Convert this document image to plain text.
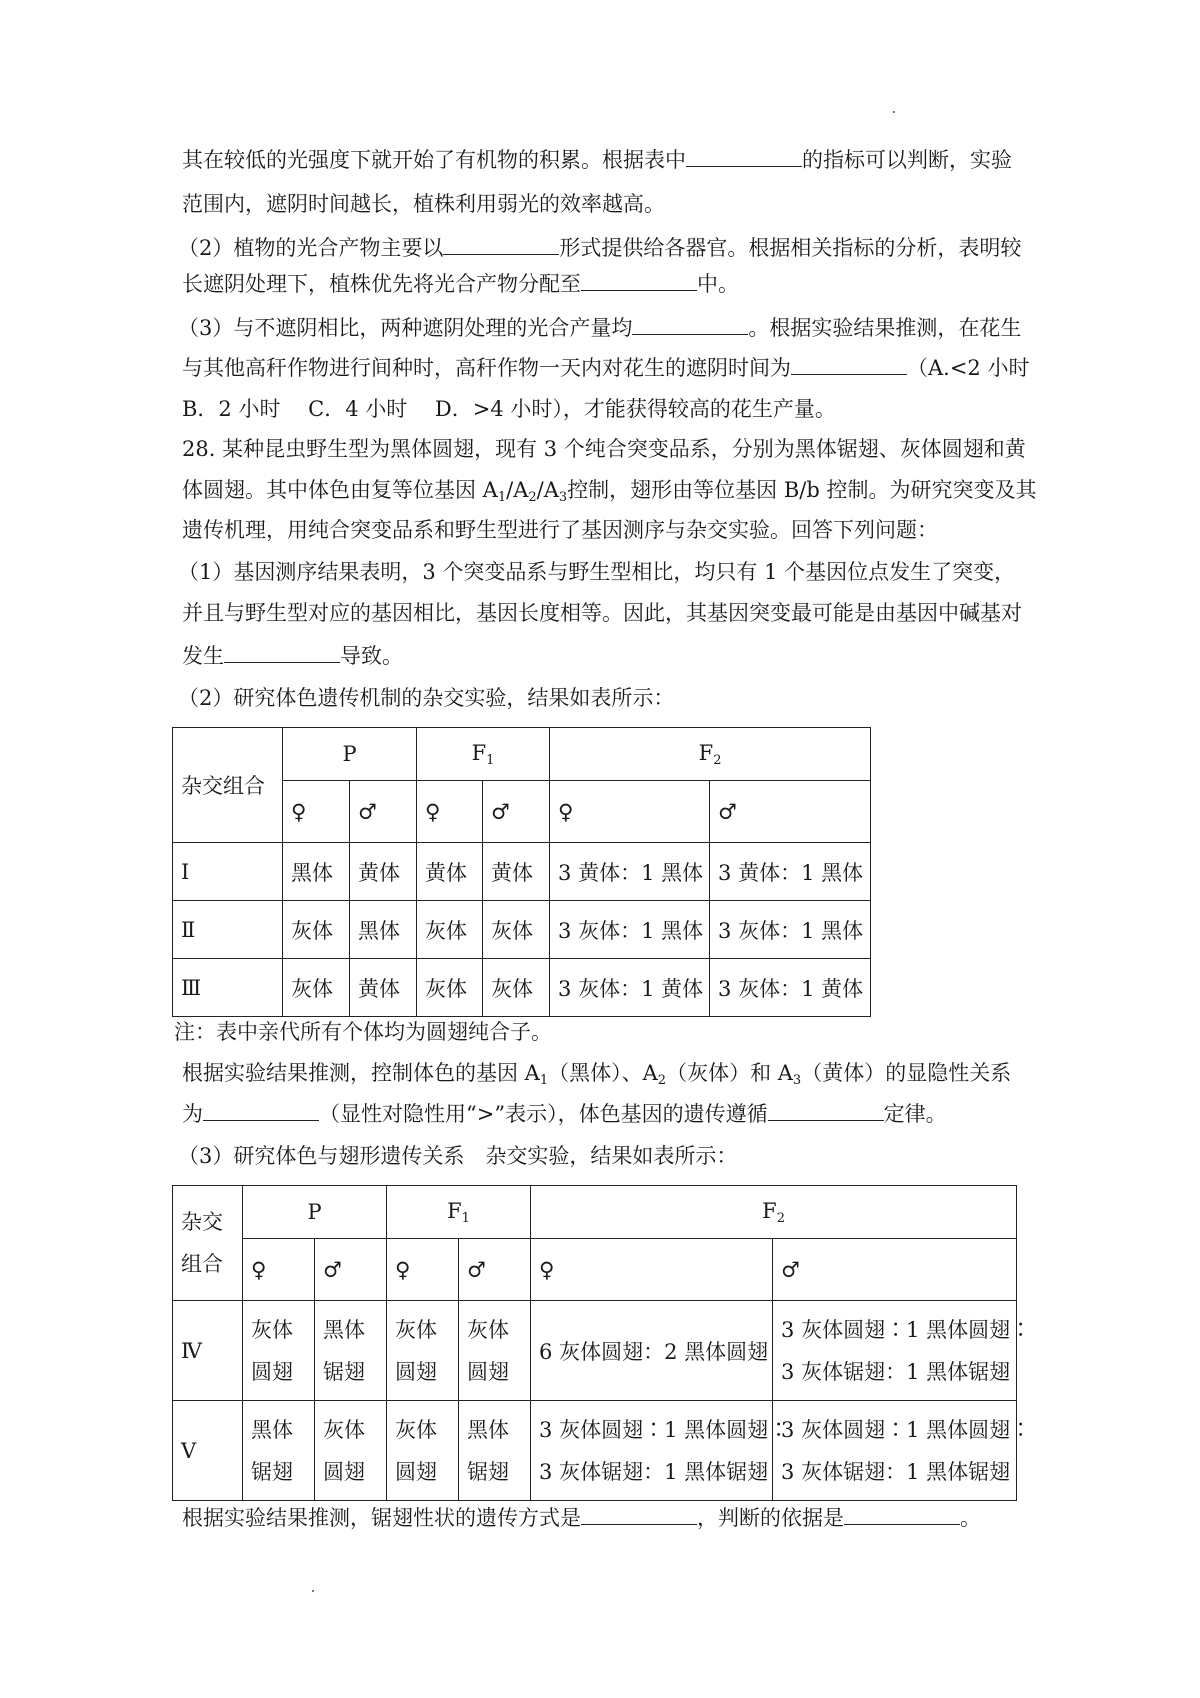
其在较低的光强度下就开始了有机物的积累。根据表中	的指标可以判断，实验
范围内，遮阴时间越长，植株利用弱光的效率越高。
（2）植物的光合产物主要以	形式提供给各器官。根据相关指标的分析，表明较
长遮阴处理下，植株优先将光合产物分配至	中。
（3）与不遮阴相比，两种遮阴处理的光合产量均	。根据实验结果推测，在花生
与其他高秆作物进行间种时，高秆作物一天内对花生的遮阴时间为	（A.<2 小时
B．2 小时　 C．4 小时　 D．>4 小时），才能获得较高的花生产量。
28. 某种昆虫野生型为黑体圆翅，现有 3 个纯合突变品系，分别为黑体锯翅、灰体圆翅和黄
体圆翅。其中体色由复等位基因 $A_1/A_2/A_3$控制，翅形由等位基因 B/b 控制。为研究突变及其
遗传机理，用纯合突变品系和野生型进行了基因测序与杂交实验。回答下列问题：
（1）基因测序结果表明，3 个突变品系与野生型相比，均只有 1 个基因位点发生了突变，
并且与野生型对应的基因相比，基因长度相等。因此，其基因突变最可能是由基因中碱基对
发生	导致。
（2）研究体色遗传机制的杂交实验，结果如表所示：
杂交组合	P		$F_1$		$F_2$
	♀	♂	♀	♂	♀	♂
Ⅰ	黑体	黄体	黄体	黄体	3 黄体：1 黑体	3 黄体：1 黑体
Ⅱ	灰体	黑体	灰体	灰体	3 灰体：1 黑体	3 灰体：1 黑体
Ⅲ	灰体	黄体	灰体	灰体	3 灰体：1 黄体	3 灰体：1 黄体
注：表中亲代所有个体均为圆翅纯合子。
根据实验结果推测，控制体色的基因 $A_1$（黑体）、$A_2$（灰体）和 $A_3$（黄体）的显隐性关系
为	（显性对隐性用“>”表示），体色基因的遗传遵循	定律。
（3）研究体色与翅形遗传关系　杂交实验，结果如表所示：
杂交
组合	P		$F_1$		$F_2$
	♀	♂	♀	♂	♀	♂
Ⅳ	灰体
圆翅	黑体
锯翅	灰体
圆翅	灰体
圆翅	6 灰体圆翅：2 黑体圆翅	3 灰体圆翅∶1 黑体圆翅∶
3 灰体锯翅：1 黑体锯翅
Ⅴ	黑体
锯翅	灰体
圆翅	灰体
圆翅	黑体
锯翅	3 灰体圆翅∶1 黑体圆翅∶
3 灰体锯翅：1 黑体锯翅	3 灰体圆翅∶1 黑体圆翅∶
3 灰体锯翅：1 黑体锯翅
根据实验结果推测，锯翅性状的遗传方式是	，判断的依据是	。
